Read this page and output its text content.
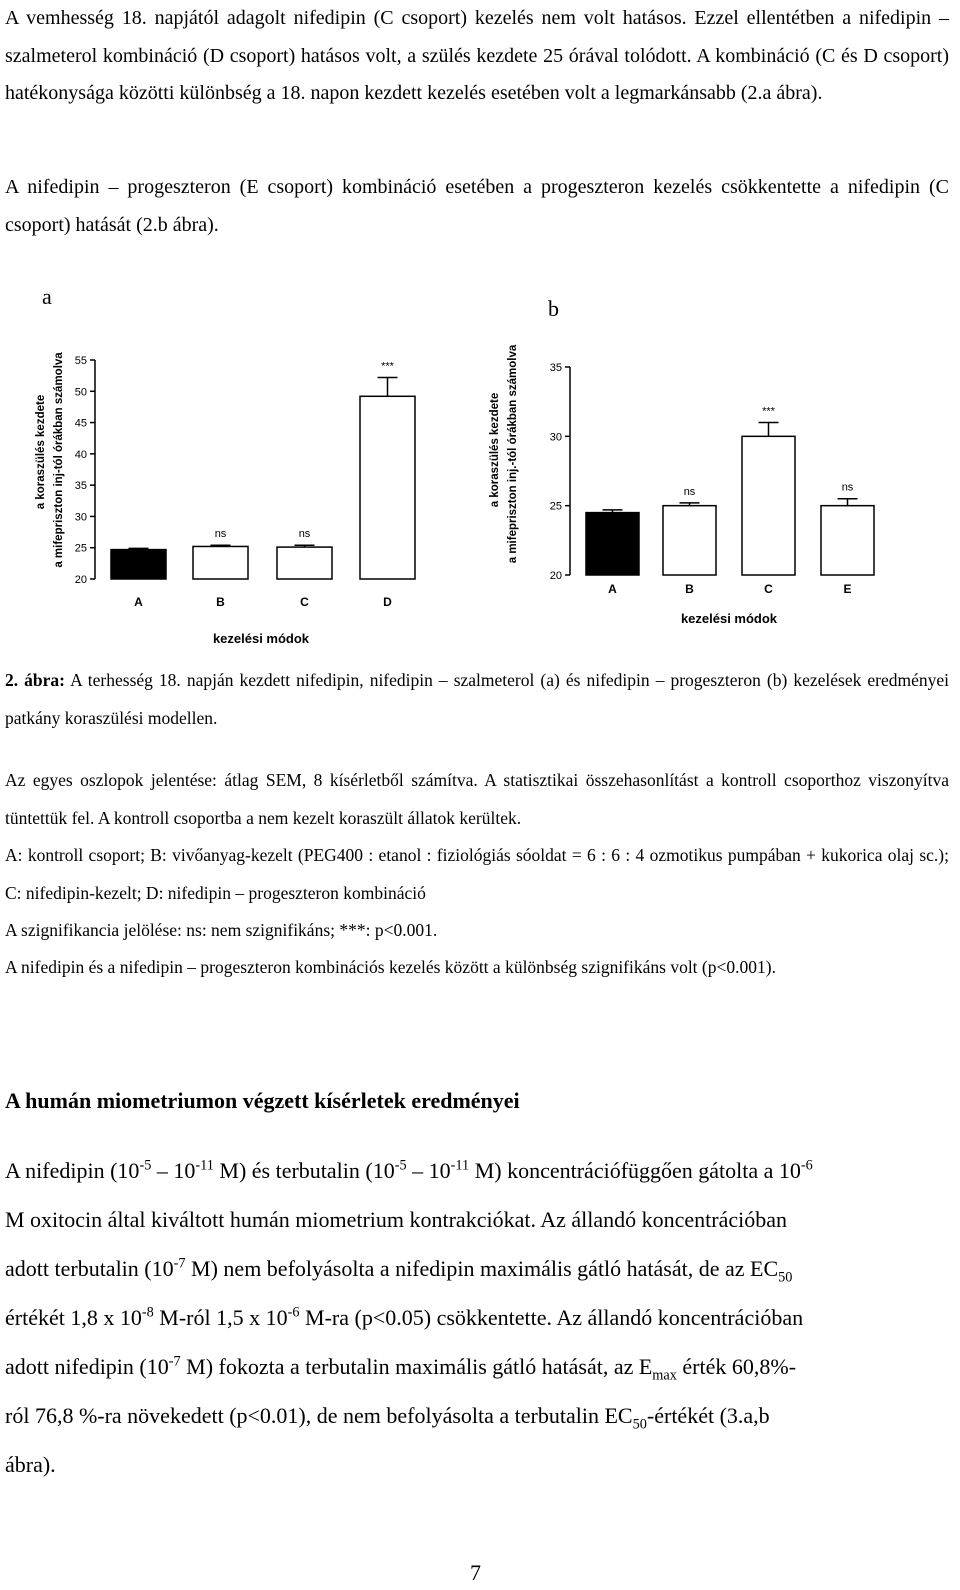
A vemhesség 18. napjától adagolt nifedipin (C csoport) kezelés nem volt hatásos. Ezzel ellentétben a nifedipin – szalmeterol kombináció (D csoport) hatásos volt, a szülés kezdete 25 órával tolódott. A kombináció (C és D csoport) hatékonysága közötti különbség a 18. napon kezdett kezelés esetében volt a legmarkánsabb (2.a ábra).

A nifedipin – progeszteron (E csoport) kombináció esetében a progeszteron kezelés csökkentette a nifedipin (C csoport) hatását (2.b ábra).

a	b
a koraszülés kezdete a mifepriszton inj-tól órákban számolva
20
25
30
35
40
45
50
55
A
ns
B
ns
C
***
D
kezelési módok
a koraszülés kezdete a mifepriszton inj.-tól órákban számolva
20
25
30
35
A
ns
B
***
C
ns
E
kezelési módok

2. ábra: A terhesség 18. napján kezdett nifedipin, nifedipin – szalmeterol (a) és nifedipin – progeszteron (b) kezelések eredményei patkány koraszülési modellen.

Az egyes oszlopok jelentése: átlag SEM, 8 kísérletből számítva. A statisztikai összehasonlítást a kontroll csoporthoz viszonyítva tüntettük fel. A kontroll csoportba a nem kezelt koraszült állatok kerültek.

A: kontroll csoport; B: vivőanyag-kezelt (PEG400 : etanol : fiziológiás sóoldat = 6 : 6 : 4 ozmotikus pumpában + kukorica olaj sc.); C: nifedipin-kezelt; D: nifedipin – progeszteron kombináció

A szignifikancia jelölése: ns: nem szignifikáns; ***: p<0.001.

A nifedipin és a nifedipin – progeszteron kombinációs kezelés között a különbség szignifikáns volt (p<0.001).

A humán miometriumon végzett kísérletek eredményei
A nifedipin ($10^{-5} - 10^{-11}$ M) és terbutalin ($10^{-5} - 10^{-11}$ M) koncentrációfüggően gátolta a $10^{-6}$
M oxitocin által kiváltott humán miometrium kontrakciókat. Az állandó koncentrációban
adott terbutalin ($10^{-7}$ M) nem befolyásolta a nifedipin maximális gátló hatását, de az $EC_{50}$
értékét 1,8 x $10^{-8}$ M-ról 1,5 x $10^{-6}$ M-ra (p<0.05) csökkentette. Az állandó koncentrációban
adott nifedipin ($10^{-7}$ M) fokozta a terbutalin maximális gátló hatását, az $E_{max}$ érték 60,8%-
ról 76,8 %-ra növekedett (p<0.01), de nem befolyásolta a terbutalin $EC_{50}$-értékét (3.a,b
ábra).
7
